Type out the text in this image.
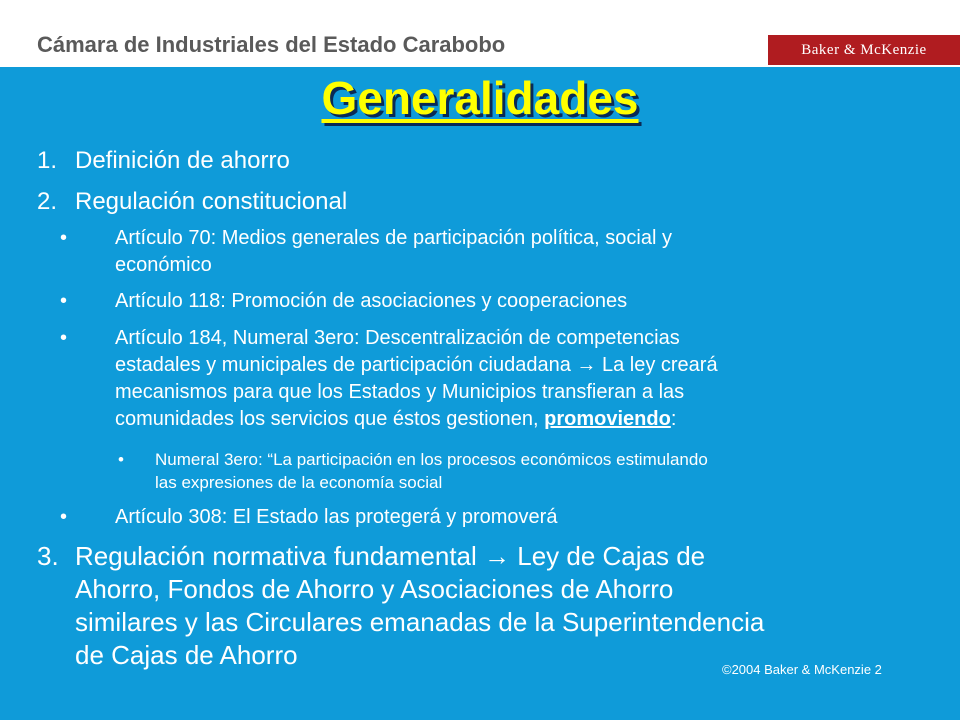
Cámara de Industriales del Estado Carabobo	Baker & McKenzie
Generalidades
1. Definición de ahorro
2. Regulación constitucional
• Artículo 70: Medios generales de participación política, social y
económico
• Artículo 118: Promoción de asociaciones y cooperaciones
• Artículo 184, Numeral 3ero: Descentralización de competencias
estadales y municipales de participación ciudadana → La ley creará
mecanismos para que los Estados y Municipios transfieran a las
comunidades los servicios que éstos gestionen, promoviendo:
• Numeral 3ero: “La participación en los procesos económicos estimulando
las expresiones de la economía social
• Artículo 308: El Estado las protegerá y promoverá
3. Regulación normativa fundamental → Ley de Cajas de
Ahorro, Fondos de Ahorro y Asociaciones de Ahorro
similares y las Circulares emanadas de la Superintendencia
de Cajas de Ahorro	©2004 Baker & McKenzie 2
